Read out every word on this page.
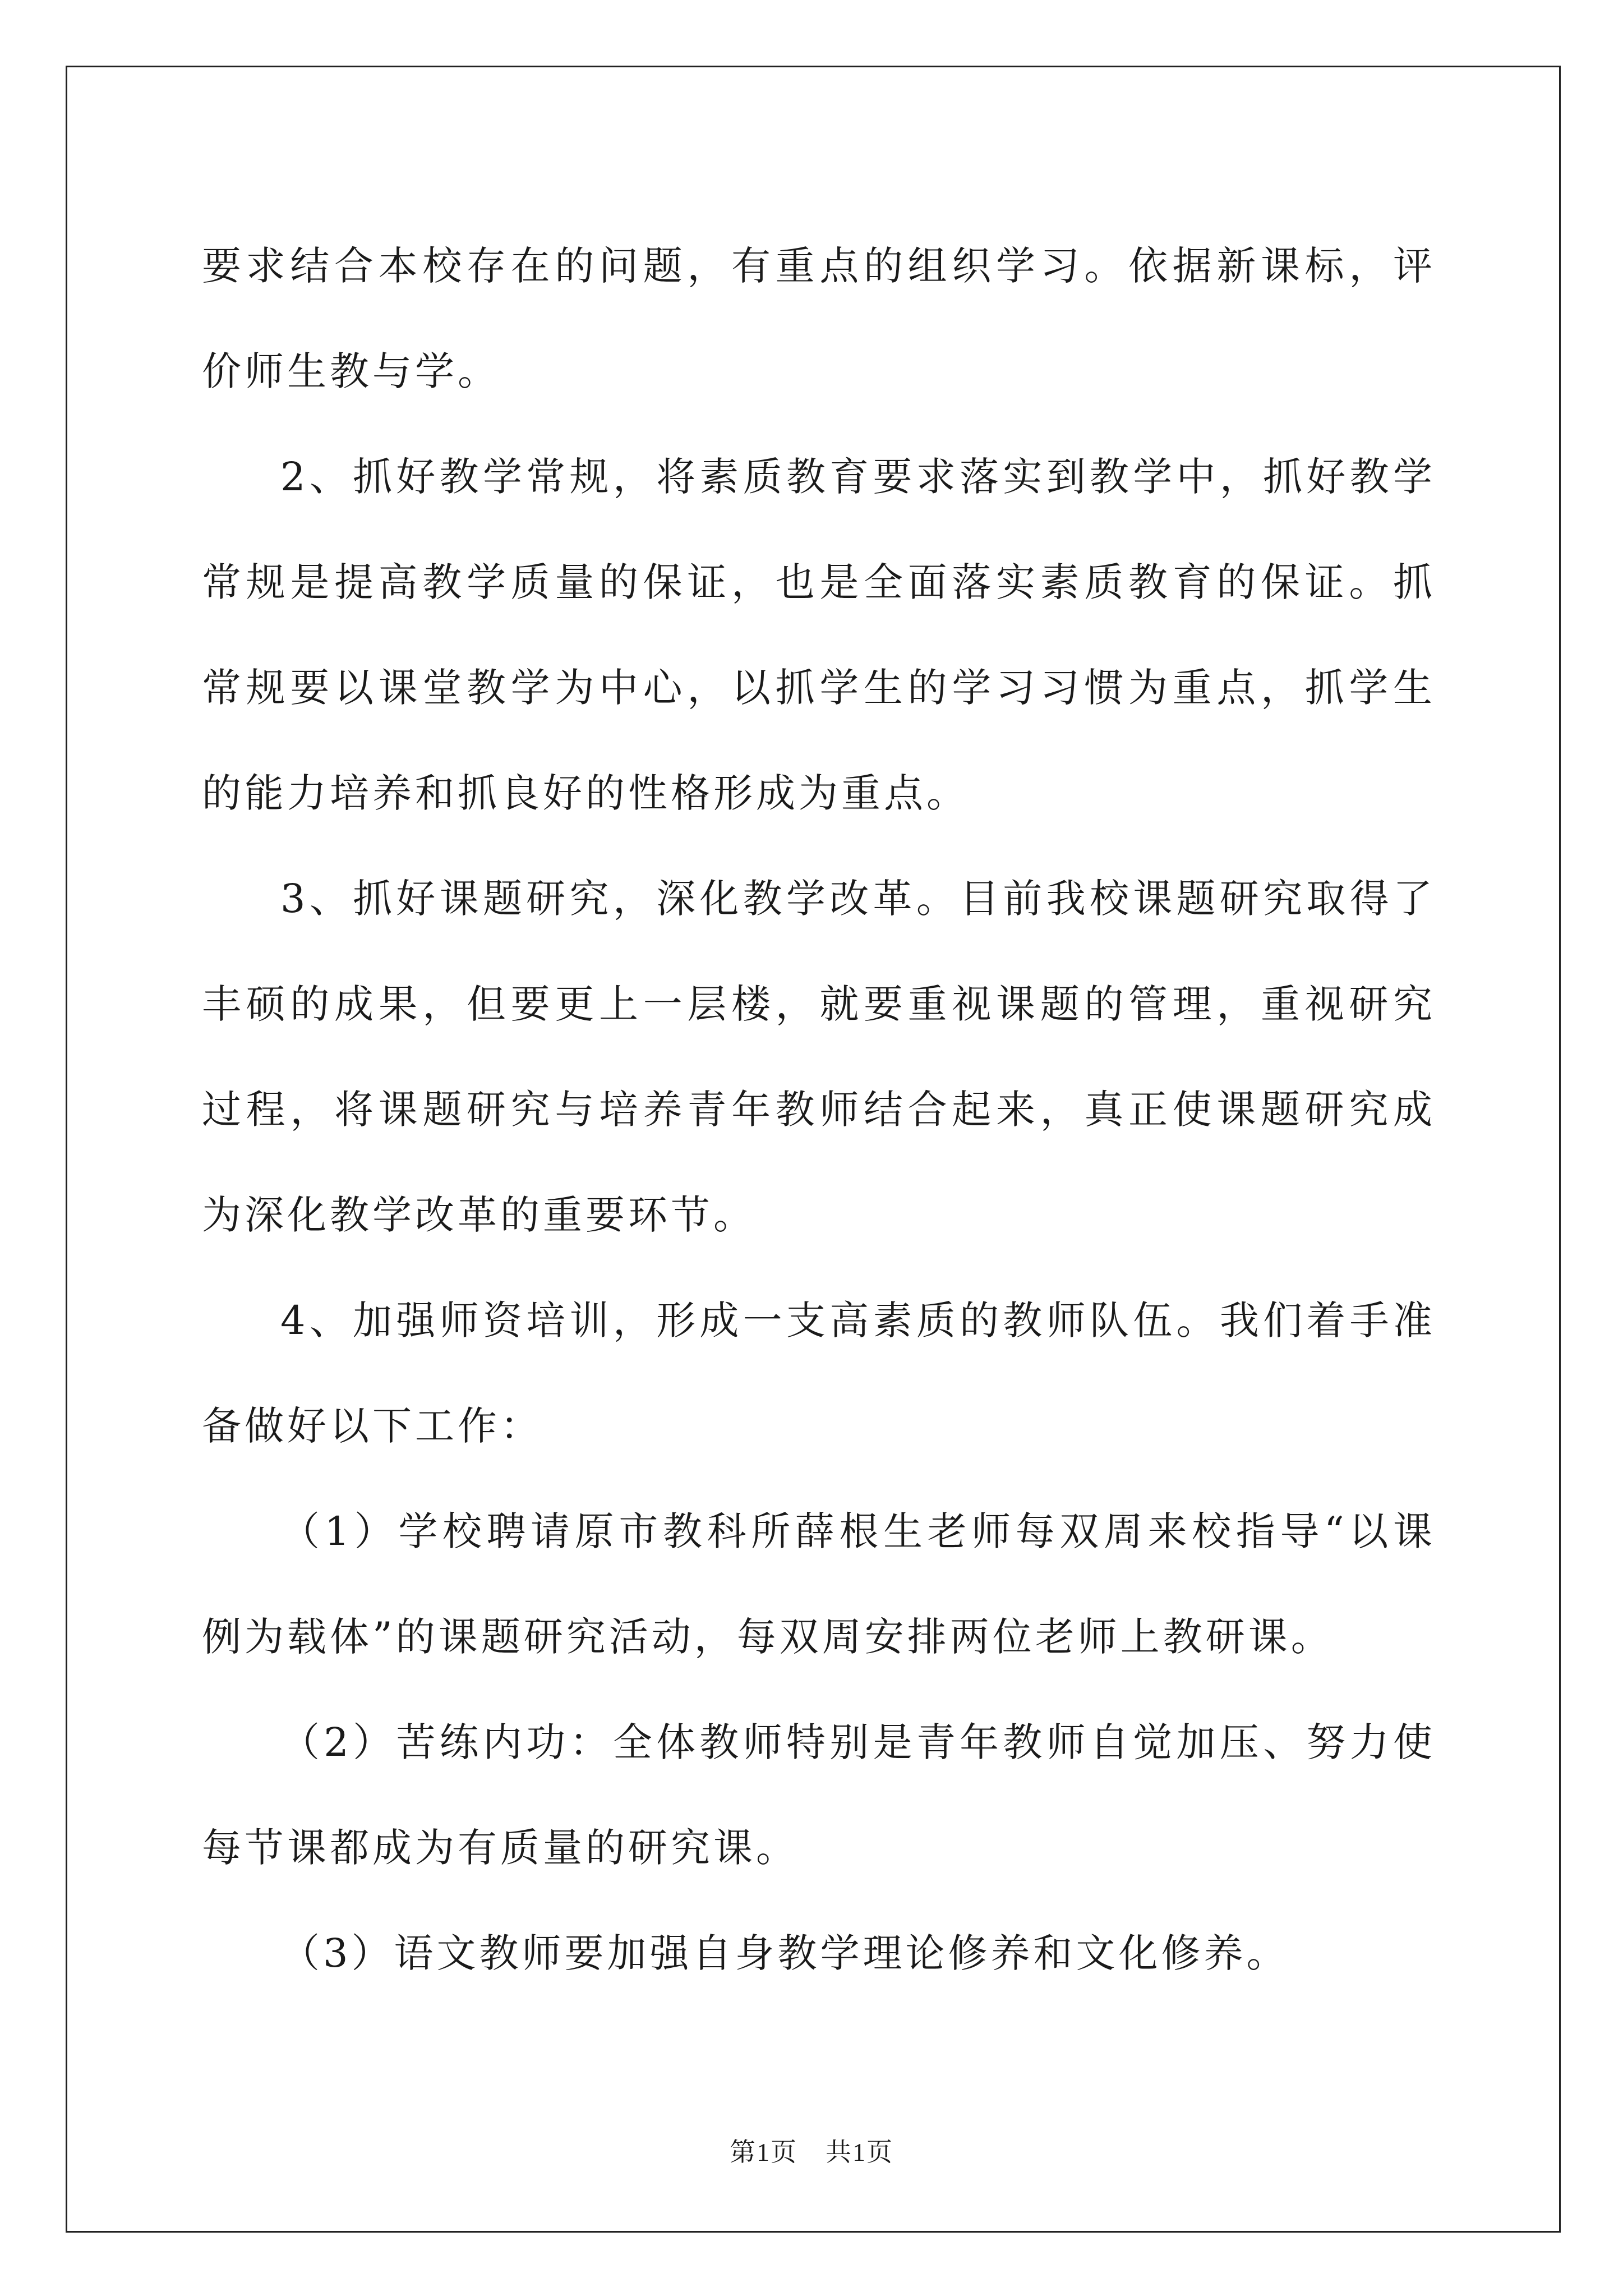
要求结合本校存在的问题，有重点的组织学习。依据新课标，评价师生教与学。

2、抓好教学常规，将素质教育要求落实到教学中，抓好教学常规是提高教学质量的保证，也是全面落实素质教育的保证。抓常规要以课堂教学为中心，以抓学生的学习习惯为重点，抓学生的能力培养和抓良好的性格形成为重点。

3、抓好课题研究，深化教学改革。目前我校课题研究取得了丰硕的成果，但要更上一层楼，就要重视课题的管理，重视研究过程，将课题研究与培养青年教师结合起来，真正使课题研究成为深化教学改革的重要环节。

4、加强师资培训，形成一支高素质的教师队伍。我们着手准备做好以下工作：

（1）学校聘请原市教科所薛根生老师每双周来校指导“以课例为载体”的课题研究活动，每双周安排两位老师上教研课。

（2）苦练内功：全体教师特别是青年教师自觉加压、努力使每节课都成为有质量的研究课。

（3）语文教师要加强自身教学理论修养和文化修养。

第1页 共1页
